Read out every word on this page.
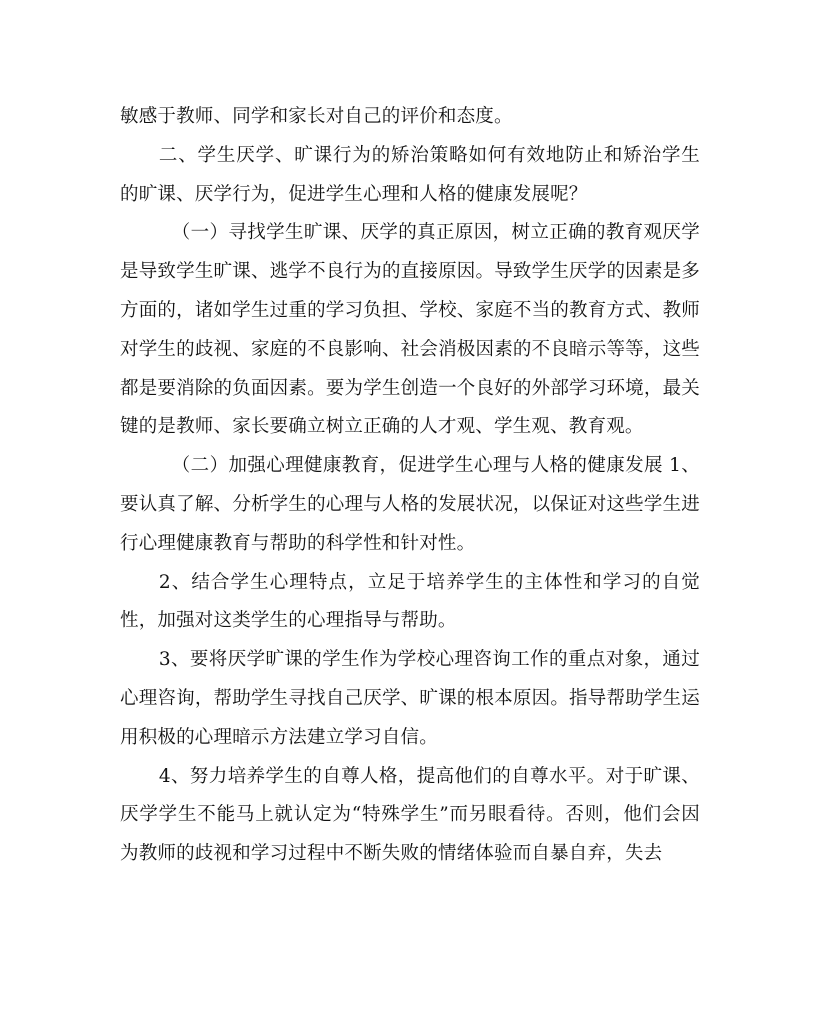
敏感于教师、同学和家长对自己的评价和态度。

二、学生厌学、旷课行为的矫治策略如何有效地防止和矫治学生的旷课、厌学行为，促进学生心理和人格的健康发展呢？

（一）寻找学生旷课、厌学的真正原因，树立正确的教育观厌学是导致学生旷课、逃学不良行为的直接原因。导致学生厌学的因素是多方面的，诸如学生过重的学习负担、学校、家庭不当的教育方式、教师对学生的歧视、家庭的不良影响、社会消极因素的不良暗示等等，这些都是要消除的负面因素。要为学生创造一个良好的外部学习环境，最关键的是教师、家长要确立树立正确的人才观、学生观、教育观。

（二）加强心理健康教育，促进学生心理与人格的健康发展 1、要认真了解、分析学生的心理与人格的发展状况，以保证对这些学生进行心理健康教育与帮助的科学性和针对性。

2、结合学生心理特点，立足于培养学生的主体性和学习的自觉性，加强对这类学生的心理指导与帮助。

3、要将厌学旷课的学生作为学校心理咨询工作的重点对象，通过心理咨询，帮助学生寻找自己厌学、旷课的根本原因。指导帮助学生运用积极的心理暗示方法建立学习自信。

4、努力培养学生的自尊人格，提高他们的自尊水平。对于旷课、厌学学生不能马上就认定为“特殊学生”而另眼看待。否则，他们会因为教师的歧视和学习过程中不断失败的情绪体验而自暴自弃，失去
